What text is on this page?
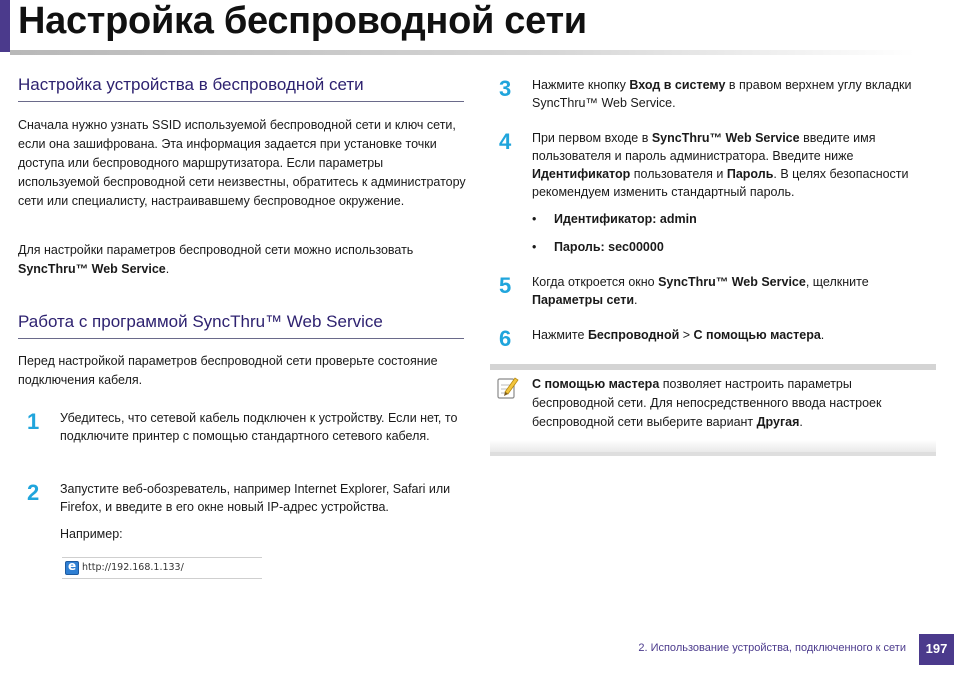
Настройка беспроводной сети
Настройка устройства в беспроводной сети

Сначала нужно узнать SSID используемой беспроводной сети и ключ сети, если она зашифрована. Эта информация задается при установке точки доступа или беспроводного маршрутизатора. Если параметры используемой беспроводной сети неизвестны, обратитесь к администратору сети или специалисту, настраивавшему беспроводное окружение.

Для настройки параметров беспроводной сети можно использовать SyncThru™ Web Service.

Работа с программой SyncThru™ Web Service

Перед настройкой параметров беспроводной сети проверьте состояние подключения кабеля.

1 Убедитесь, что сетевой кабель подключен к устройству. Если нет, то подключите принтер с помощью стандартного сетевого кабеля.

2 Запустите веб-обозреватель, например Internet Explorer, Safari или Firefox, и введите в его окне новый IP-адрес устройства.

Например:

e
http://192.168.1.133/
3 Нажмите кнопку Вход в систему в правом верхнем углу вкладки SyncThru™ Web Service.

4 При первом входе в SyncThru™ Web Service введите имя пользователя и пароль администратора. Введите ниже Идентификатор пользователя и Пароль. В целях безопасности рекомендуем изменить стандартный пароль.

• Идентификатор: admin
• Пароль: sec00000
5 Когда откроется окно SyncThru™ Web Service, щелкните Параметры сети.

6 Нажмите Беспроводной > С помощью мастера.

С помощью мастера позволяет настроить параметры беспроводной сети. Для непосредственного ввода настроек беспроводной сети выберите вариант Другая.

2. Использование устройства, подключенного к сети	197
